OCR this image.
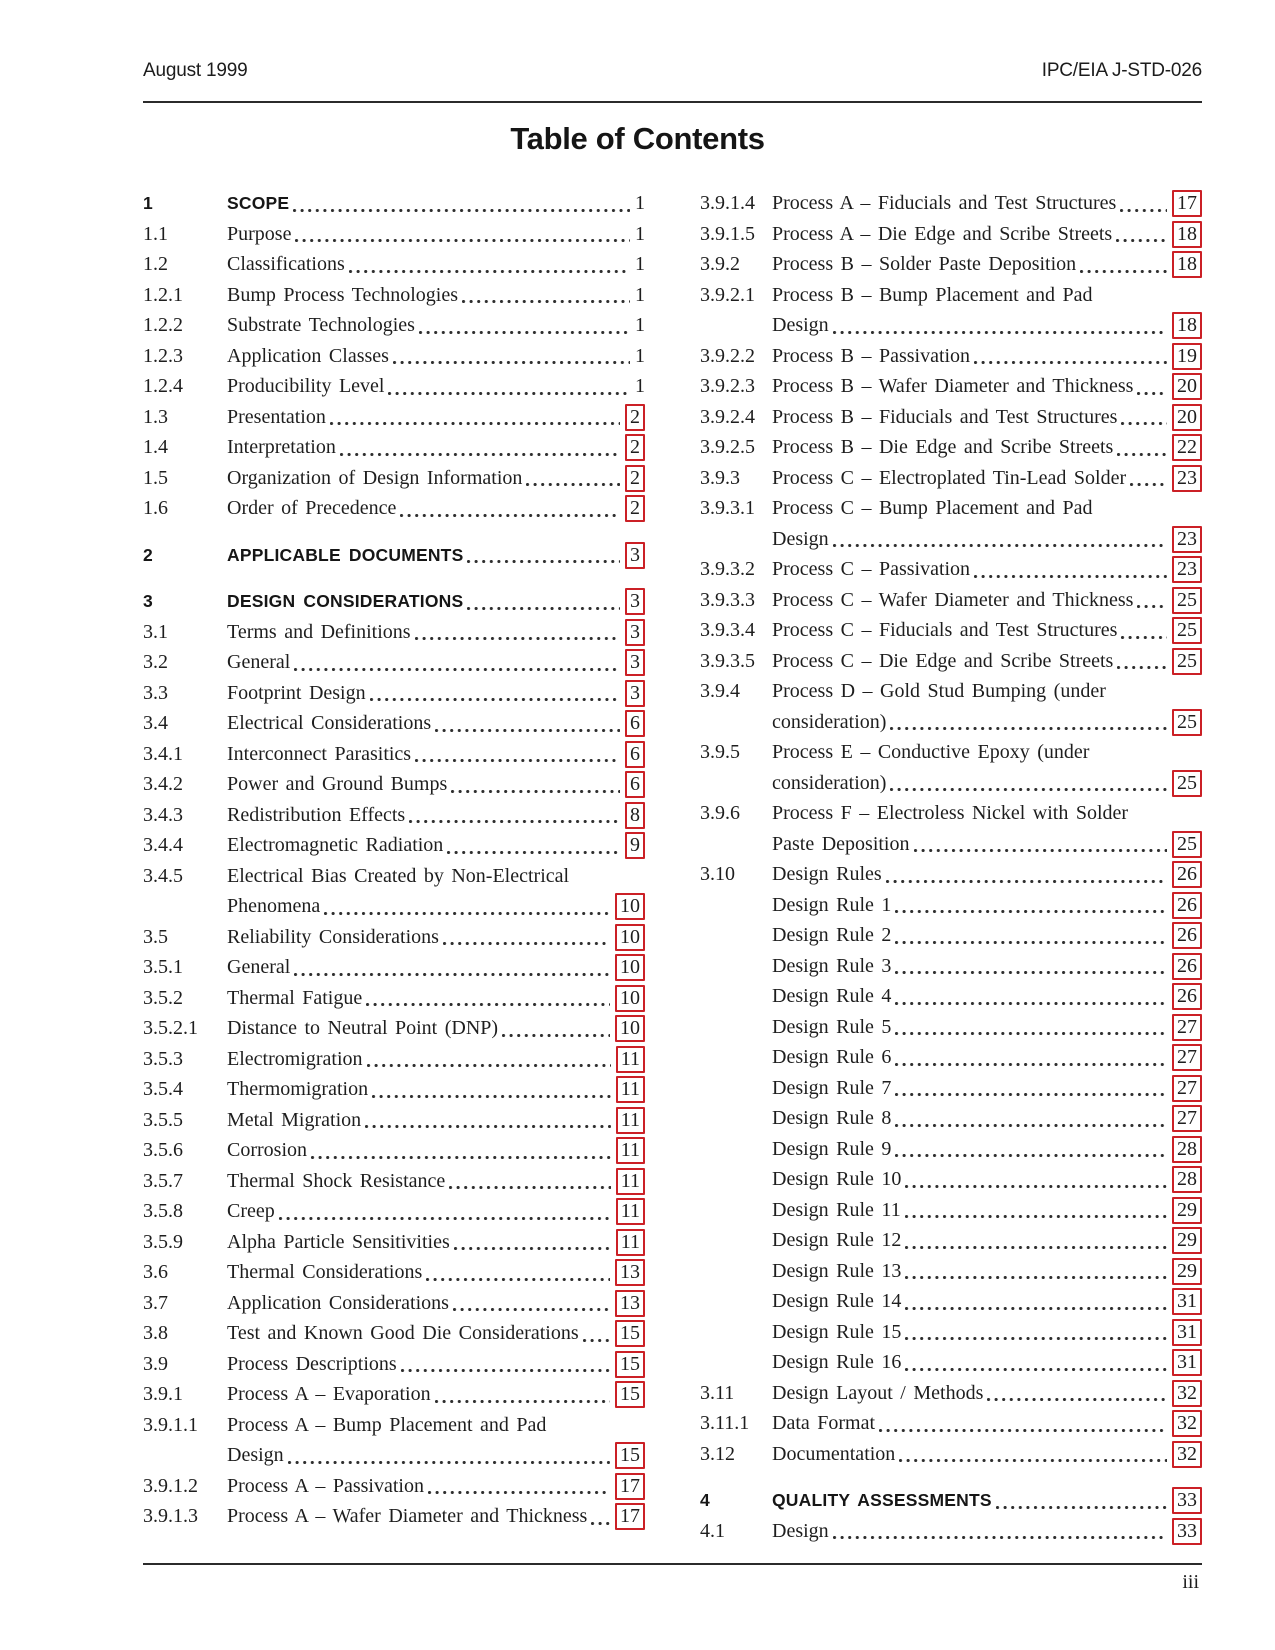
August 1999	IPC/EIA J-STD-026
Table of Contents
1	SCOPE	1
1.1	Purpose	1
1.2	Classifications	1
1.2.1	Bump Process Technologies	1
1.2.2	Substrate Technologies	1
1.2.3	Application Classes	1
1.2.4	Producibility Level	1
1.3	Presentation	2
1.4	Interpretation	2
1.5	Organization of Design Information	2
1.6	Order of Precedence	2
2	APPLICABLE DOCUMENTS	3
3	DESIGN CONSIDERATIONS	3
3.1	Terms and Definitions	3
3.2	General	3
3.3	Footprint Design	3
3.4	Electrical Considerations	6
3.4.1	Interconnect Parasitics	6
3.4.2	Power and Ground Bumps	6
3.4.3	Redistribution Effects	8
3.4.4	Electromagnetic Radiation	9
3.4.5	Electrical Bias Created by Non-Electrical
Phenomena	10
3.5	Reliability Considerations	10
3.5.1	General	10
3.5.2	Thermal Fatigue	10
3.5.2.1	Distance to Neutral Point (DNP)	10
3.5.3	Electromigration	11
3.5.4	Thermomigration	11
3.5.5	Metal Migration	11
3.5.6	Corrosion	11
3.5.7	Thermal Shock Resistance	11
3.5.8	Creep	11
3.5.9	Alpha Particle Sensitivities	11
3.6	Thermal Considerations	13
3.7	Application Considerations	13
3.8	Test and Known Good Die Considerations 15
3.9	Process Descriptions	15
3.9.1	Process A – Evaporation	15
3.9.1.1	Process A – Bump Placement and Pad
Design	15
3.9.1.2	Process A – Passivation	17
3.9.1.3	Process A – Wafer Diameter and Thickness 17
3.9.1.4 Process A – Fiducials and Test Structures	17
3.9.1.5 Process A – Die Edge and Scribe Streets	18
3.9.2	Process B – Solder Paste Deposition	18
3.9.2.1 Process B – Bump Placement and Pad
Design	18
3.9.2.2 Process B – Passivation	19
3.9.2.3 Process B – Wafer Diameter and Thickness 20
3.9.2.4 Process B – Fiducials and Test Structures	20
3.9.2.5 Process B – Die Edge and Scribe Streets	22
3.9.3	Process C – Electroplated Tin-Lead Solder	23
3.9.3.1 Process C – Bump Placement and Pad
Design	23
3.9.3.2 Process C – Passivation	23
3.9.3.3 Process C – Wafer Diameter and Thickness 25
3.9.3.4 Process C – Fiducials and Test Structures	25
3.9.3.5 Process C – Die Edge and Scribe Streets	25
3.9.4	Process D – Gold Stud Bumping (under
consideration)	25
3.9.5	Process E – Conductive Epoxy (under
consideration)	25
3.9.6	Process F – Electroless Nickel with Solder
Paste Deposition	25
3.10	Design Rules	26
Design Rule 1	26
Design Rule 2	26
Design Rule 3	26
Design Rule 4	26
Design Rule 5	27
Design Rule 6	27
Design Rule 7	27
Design Rule 8	27
Design Rule 9	28
Design Rule 10	28
Design Rule 11	29
Design Rule 12	29
Design Rule 13	29
Design Rule 14	31
Design Rule 15	31
Design Rule 16	31
3.11	Design Layout / Methods	32
3.11.1	Data Format	32
3.12	Documentation	32
4	QUALITY ASSESSMENTS	33
4.1	Design	33
iii
